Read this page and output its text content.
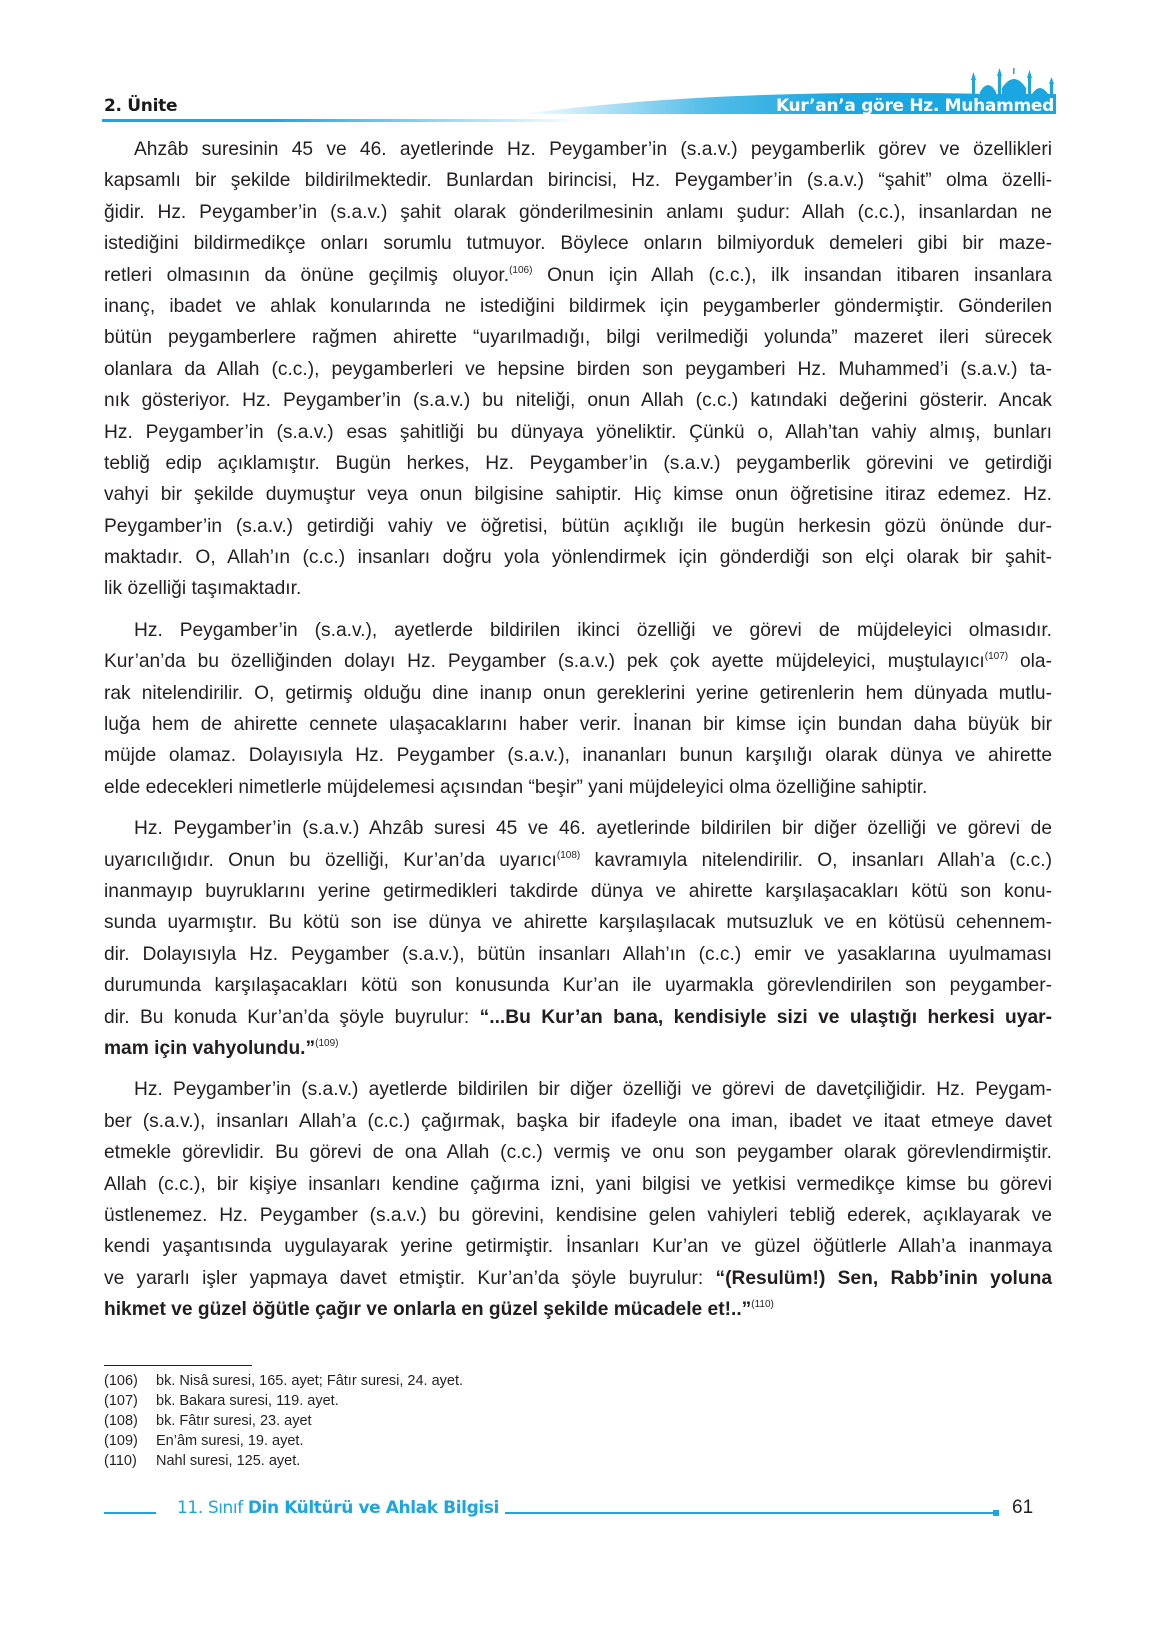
2. Ünite	Kur’an’a göre Hz. Muhammed
Ahzâb suresinin 45 ve 46. ayetlerinde Hz. Peygamber’in (s.a.v.) peygamberlik görev ve özellikleri
kapsamlı bir şekilde bildirilmektedir. Bunlardan birincisi, Hz. Peygamber’in (s.a.v.) “şahit” olma özelli-
ğidir. Hz. Peygamber’in (s.a.v.) şahit olarak gönderilmesinin anlamı şudur: Allah (c.c.), insanlardan ne
istediğini bildirmedikçe onları sorumlu tutmuyor. Böylece onların bilmiyorduk demeleri gibi bir maze-
retleri olmasının da önüne geçilmiş oluyor.$^{(106)}$ Onun için Allah (c.c.), ilk insandan itibaren insanlara
inanç, ibadet ve ahlak konularında ne istediğini bildirmek için peygamberler göndermiştir. Gönderilen
bütün peygamberlere rağmen ahirette “uyarılmadığı, bilgi verilmediği yolunda” mazeret ileri sürecek
olanlara da Allah (c.c.), peygamberleri ve hepsine birden son peygamberi Hz. Muhammed’i (s.a.v.) ta-
nık gösteriyor. Hz. Peygamber’in (s.a.v.) bu niteliği, onun Allah (c.c.) katındaki değerini gösterir. Ancak
Hz. Peygamber’in (s.a.v.) esas şahitliği bu dünyaya yöneliktir. Çünkü o, Allah’tan vahiy almış, bunları
tebliğ edip açıklamıştır. Bugün herkes, Hz. Peygamber’in (s.a.v.) peygamberlik görevini ve getirdiği
vahyi bir şekilde duymuştur veya onun bilgisine sahiptir. Hiç kimse onun öğretisine itiraz edemez. Hz.
Peygamber’in (s.a.v.) getirdiği vahiy ve öğretisi, bütün açıklığı ile bugün herkesin gözü önünde dur-
maktadır. O, Allah’ın (c.c.) insanları doğru yola yönlendirmek için gönderdiği son elçi olarak bir şahit-
lik özelliği taşımaktadır.
Hz. Peygamber’in (s.a.v.), ayetlerde bildirilen ikinci özelliği ve görevi de müjdeleyici olmasıdır.
Kur’an’da bu özelliğinden dolayı Hz. Peygamber (s.a.v.) pek çok ayette müjdeleyici, muştulayıcı$^{(107)}$ ola-
rak nitelendirilir. O, getirmiş olduğu dine inanıp onun gereklerini yerine getirenlerin hem dünyada mutlu-
luğa hem de ahirette cennete ulaşacaklarını haber verir. İnanan bir kimse için bundan daha büyük bir
müjde olamaz. Dolayısıyla Hz. Peygamber (s.a.v.), inananları bunun karşılığı olarak dünya ve ahirette
elde edecekleri nimetlerle müjdelemesi açısından “beşir” yani müjdeleyici olma özelliğine sahiptir.
Hz. Peygamber’in (s.a.v.) Ahzâb suresi 45 ve 46. ayetlerinde bildirilen bir diğer özelliği ve görevi de
uyarıcılığıdır. Onun bu özelliği, Kur’an’da uyarıcı$^{(108)}$ kavramıyla nitelendirilir. O, insanları Allah’a (c.c.)
inanmayıp buyruklarını yerine getirmedikleri takdirde dünya ve ahirette karşılaşacakları kötü son konu-
sunda uyarmıştır. Bu kötü son ise dünya ve ahirette karşılaşılacak mutsuzluk ve en kötüsü cehennem-
dir. Dolayısıyla Hz. Peygamber (s.a.v.), bütün insanları Allah’ın (c.c.) emir ve yasaklarına uyulmaması
durumunda karşılaşacakları kötü son konusunda Kur’an ile uyarmakla görevlendirilen son peygamber-
dir. Bu konuda Kur’an’da şöyle buyrulur: “...Bu Kur’an bana, kendisiyle sizi ve ulaştığı herkesi uyar-
mam için vahyolundu.”$^{(109)}$
Hz. Peygamber’in (s.a.v.) ayetlerde bildirilen bir diğer özelliği ve görevi de davetçiliğidir. Hz. Peygam-
ber (s.a.v.), insanları Allah’a (c.c.) çağırmak, başka bir ifadeyle ona iman, ibadet ve itaat etmeye davet
etmekle görevlidir. Bu görevi de ona Allah (c.c.) vermiş ve onu son peygamber olarak görevlendirmiştir.
Allah (c.c.), bir kişiye insanları kendine çağırma izni, yani bilgisi ve yetkisi vermedikçe kimse bu görevi
üstlenemez. Hz. Peygamber (s.a.v.) bu görevini, kendisine gelen vahiyleri tebliğ ederek, açıklayarak ve
kendi yaşantısında uygulayarak yerine getirmiştir. İnsanları Kur’an ve güzel öğütlerle Allah’a inanmaya
ve yararlı işler yapmaya davet etmiştir. Kur’an’da şöyle buyrulur: “(Resulüm!) Sen, Rabb’inin yoluna
hikmet ve güzel öğütle çağır ve onlarla en güzel şekilde mücadele et!..”$^{(110)}$
(106) bk. Nisâ suresi, 165. ayet; Fâtır suresi, 24. ayet.
(107) bk. Bakara suresi, 119. ayet.
(108) bk. Fâtır suresi, 23. ayet
(109) En’âm suresi, 19. ayet.
(110) Nahl suresi, 125. ayet.
11. Sınıf Din Kültürü ve Ahlak Bilgisi	61
